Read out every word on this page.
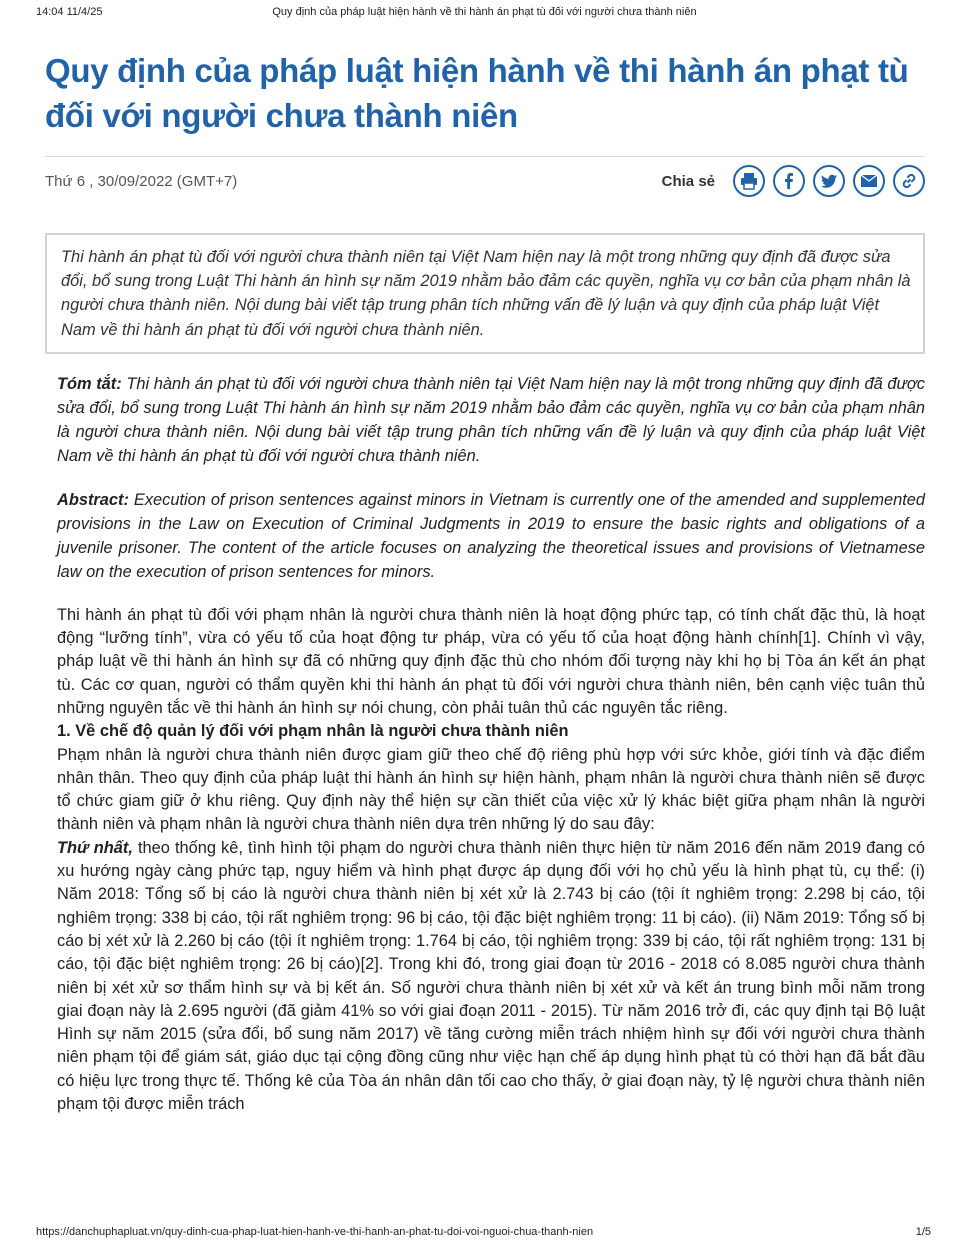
14:04 11/4/25	Quy định của pháp luật hiện hành về thi hành án phạt tù đối với người chưa thành niên
Quy định của pháp luật hiện hành về thi hành án phạt tù đối với người chưa thành niên
Thứ 6 , 30/09/2022 (GMT+7)	Chia sẻ
Thi hành án phạt tù đối với người chưa thành niên tại Việt Nam hiện nay là một trong những quy định đã được sửa đổi, bổ sung trong Luật Thi hành án hình sự năm 2019 nhằm bảo đảm các quyền, nghĩa vụ cơ bản của phạm nhân là người chưa thành niên. Nội dung bài viết tập trung phân tích những vấn đề lý luận và quy định của pháp luật Việt Nam về thi hành án phạt tù đối với người chưa thành niên.

Tóm tắt: Thi hành án phạt tù đối với người chưa thành niên tại Việt Nam hiện nay là một trong những quy định đã được sửa đổi, bổ sung trong Luật Thi hành án hình sự năm 2019 nhằm bảo đảm các quyền, nghĩa vụ cơ bản của phạm nhân là người chưa thành niên. Nội dung bài viết tập trung phân tích những vấn đề lý luận và quy định của pháp luật Việt Nam về thi hành án phạt tù đối với người chưa thành niên.

Abstract: Execution of prison sentences against minors in Vietnam is currently one of the amended and supplemented provisions in the Law on Execution of Criminal Judgments in 2019 to ensure the basic rights and obligations of a juvenile prisoner. The content of the article focuses on analyzing the theoretical issues and provisions of Vietnamese law on the execution of prison sentences for minors.

Thi hành án phạt tù đối với phạm nhân là người chưa thành niên là hoạt động phức tạp, có tính chất đặc thù, là hoạt động “lưỡng tính”, vừa có yếu tố của hoạt động tư pháp, vừa có yếu tố của hoạt động hành chính[1]. Chính vì vậy, pháp luật về thi hành án hình sự đã có những quy định đặc thù cho nhóm đối tượng này khi họ bị Tòa án kết án phạt tù. Các cơ quan, người có thẩm quyền khi thi hành án phạt tù đối với người chưa thành niên, bên cạnh việc tuân thủ những nguyên tắc về thi hành án hình sự nói chung, còn phải tuân thủ các nguyên tắc riêng.

1. Về chế độ quản lý đối với phạm nhân là người chưa thành niên

Phạm nhân là người chưa thành niên được giam giữ theo chế độ riêng phù hợp với sức khỏe, giới tính và đặc điểm nhân thân. Theo quy định của pháp luật thi hành án hình sự hiện hành, phạm nhân là người chưa thành niên sẽ được tổ chức giam giữ ở khu riêng. Quy định này thể hiện sự cần thiết của việc xử lý khác biệt giữa phạm nhân là người thành niên và phạm nhân là người chưa thành niên dựa trên những lý do sau đây:

Thứ nhất, theo thống kê, tình hình tội phạm do người chưa thành niên thực hiện từ năm 2016 đến năm 2019 đang có xu hướng ngày càng phức tạp, nguy hiểm và hình phạt được áp dụng đối với họ chủ yếu là hình phạt tù, cụ thể: (i) Năm 2018: Tổng số bị cáo là người chưa thành niên bị xét xử là 2.743 bị cáo (tội ít nghiêm trọng: 2.298 bị cáo, tội nghiêm trọng: 338 bị cáo, tội rất nghiêm trọng: 96 bị cáo, tội đặc biệt nghiêm trọng: 11 bị cáo). (ii) Năm 2019: Tổng số bị cáo bị xét xử là 2.260 bị cáo (tội ít nghiêm trọng: 1.764 bị cáo, tội nghiêm trọng: 339 bị cáo, tội rất nghiêm trọng: 131 bị cáo, tội đặc biệt nghiêm trọng: 26 bị cáo)[2]. Trong khi đó, trong giai đoạn từ 2016 - 2018 có 8.085 người chưa thành niên bị xét xử sơ thẩm hình sự và bị kết án. Số người chưa thành niên bị xét xử và kết án trung bình mỗi năm trong giai đoạn này là 2.695 người (đã giảm 41% so với giai đoạn 2011 - 2015). Từ năm 2016 trở đi, các quy định tại Bộ luật Hình sự năm 2015 (sửa đổi, bổ sung năm 2017) về tăng cường miễn trách nhiệm hình sự đối với người chưa thành niên phạm tội để giám sát, giáo dục tại cộng đồng cũng như việc hạn chế áp dụng hình phạt tù có thời hạn đã bắt đầu có hiệu lực trong thực tế. Thống kê của Tòa án nhân dân tối cao cho thấy, ở giai đoạn này, tỷ lệ người chưa thành niên phạm tội được miễn trách

https://danchuphapluat.vn/quy-dinh-cua-phap-luat-hien-hanh-ve-thi-hanh-an-phat-tu-doi-voi-nguoi-chua-thanh-nien	1/5
